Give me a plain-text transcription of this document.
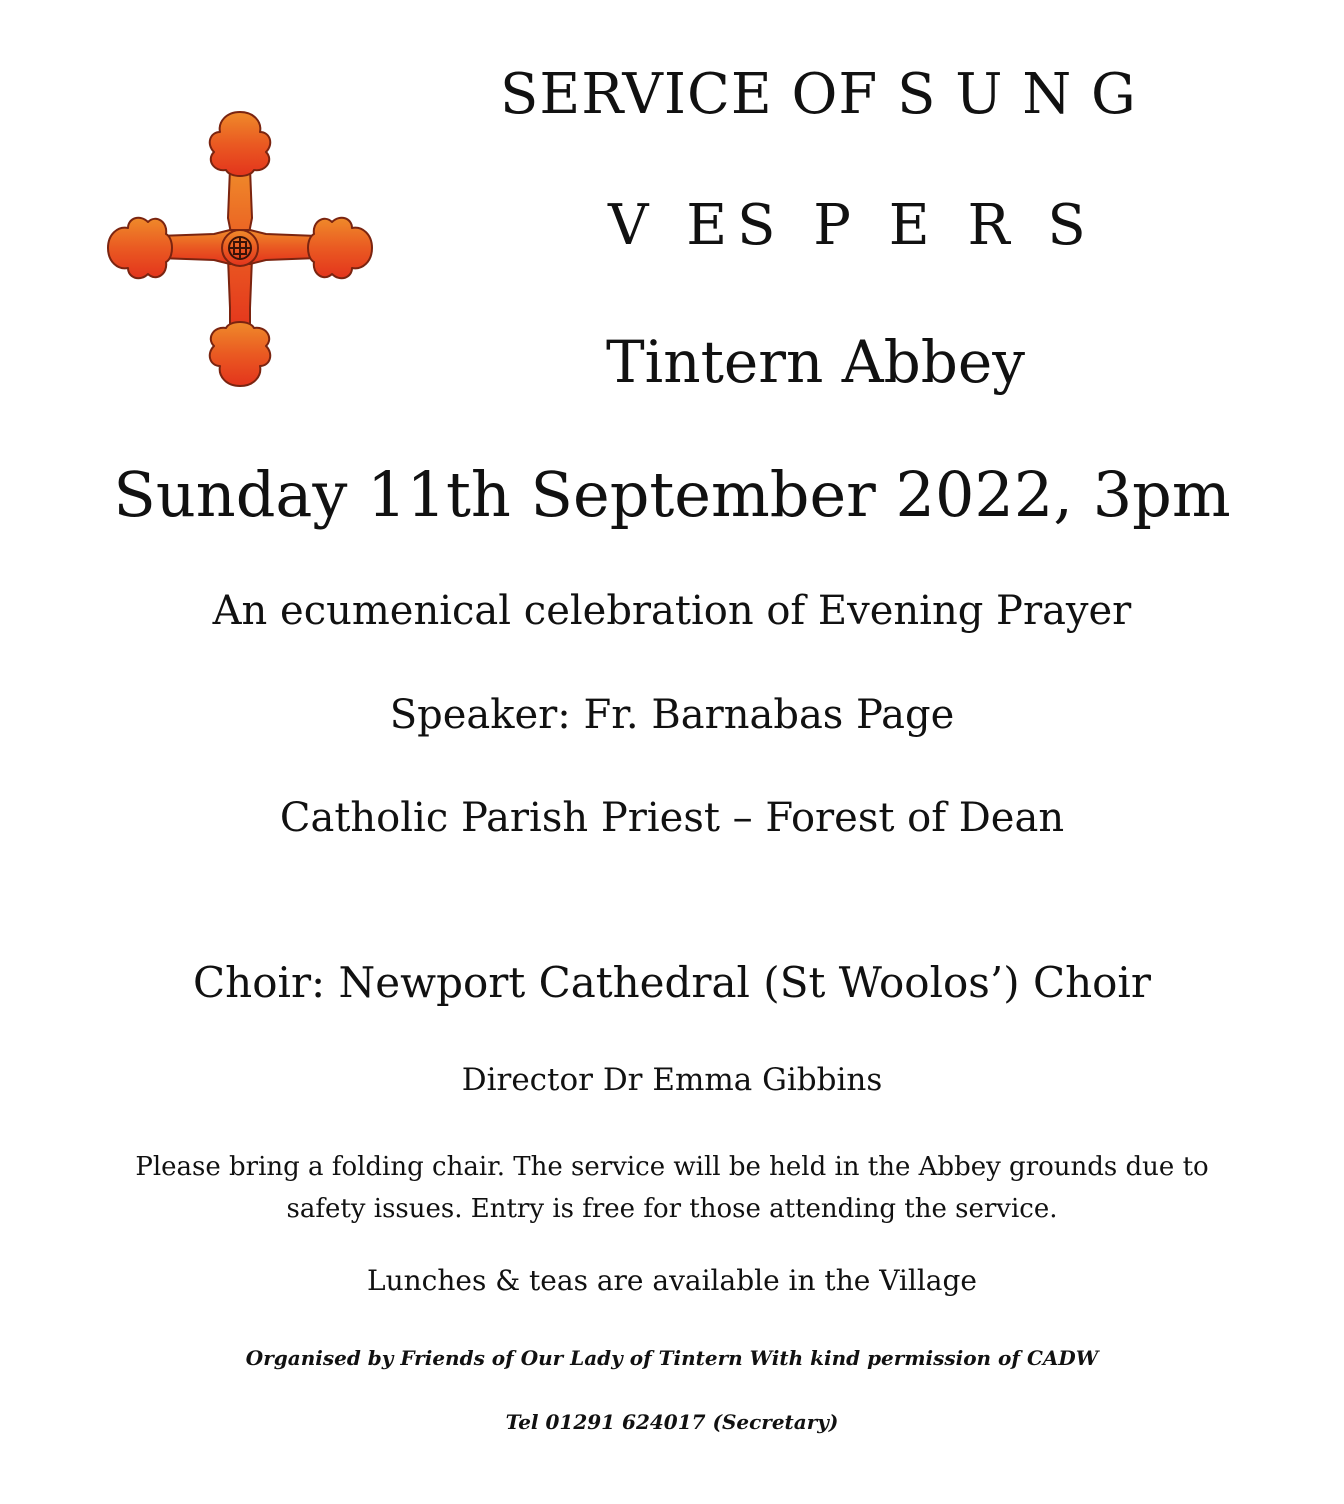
SERVICE OF S U N G
V ES P E R S
Tintern Abbey
Sunday 11th September 2022, 3pm
An ecumenical celebration of Evening Prayer
Speaker: Fr. Barnabas Page
Catholic Parish Priest – Forest of Dean
Choir: Newport Cathedral (St Woolos’) Choir
Director Dr Emma Gibbins
Please bring a folding chair. The service will be held in the Abbey grounds due to safety issues. Entry is free for those attending the service.
Lunches & teas are available in the Village
Organised by Friends of Our Lady of Tintern With kind permission of CADW
Tel 01291 624017 (Secretary)
